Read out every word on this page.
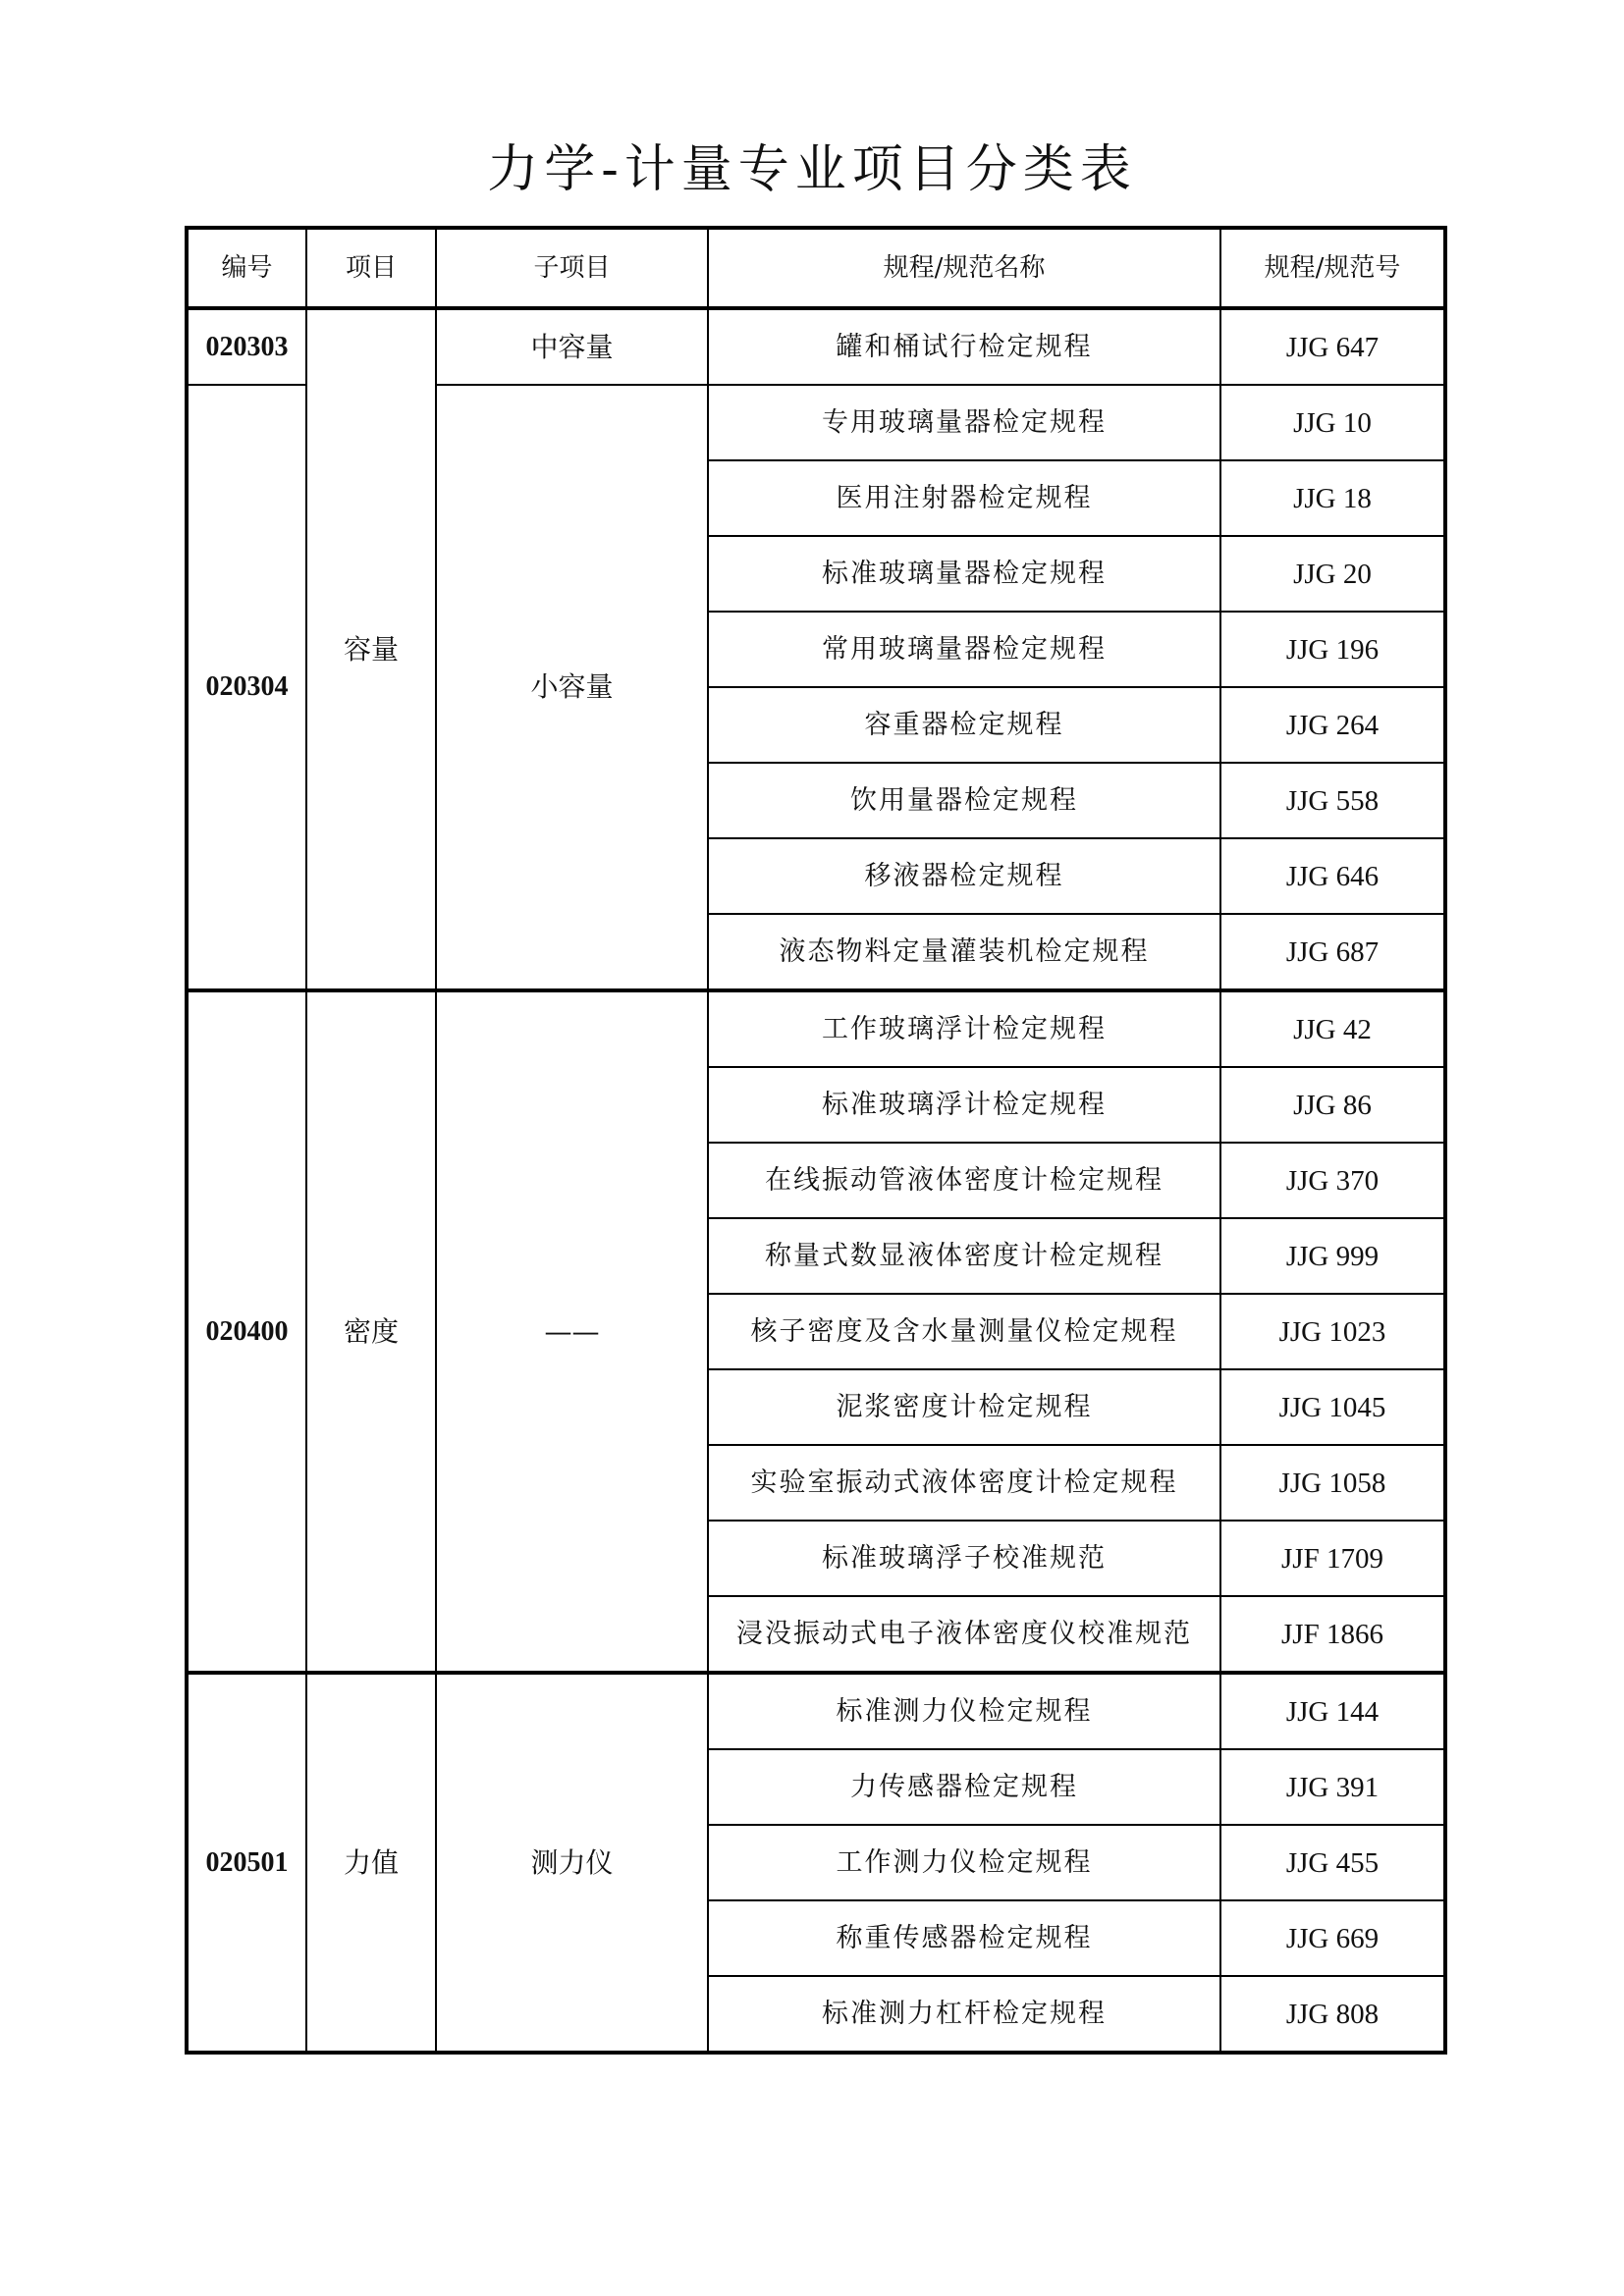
力学-计量专业项目分类表
编号	项目	子项目	规程/规范名称	规程/规范号
020303	容量	中容量	罐和桶试行检定规程	JJG 647
020304		小容量	专用玻璃量器检定规程	JJG 10
			医用注射器检定规程	JJG 18
			标准玻璃量器检定规程	JJG 20
			常用玻璃量器检定规程	JJG 196
			容重器检定规程	JJG 264
			饮用量器检定规程	JJG 558
			移液器检定规程	JJG 646
			液态物料定量灌装机检定规程	JJG 687
020400	密度	——	工作玻璃浮计检定规程	JJG 42
			标准玻璃浮计检定规程	JJG 86
			在线振动管液体密度计检定规程	JJG 370
			称量式数显液体密度计检定规程	JJG 999
			核子密度及含水量测量仪检定规程	JJG 1023
			泥浆密度计检定规程	JJG 1045
			实验室振动式液体密度计检定规程	JJG 1058
			标准玻璃浮子校准规范	JJF 1709
			浸没振动式电子液体密度仪校准规范	JJF 1866
020501	力值	测力仪	标准测力仪检定规程	JJG 144
			力传感器检定规程	JJG 391
			工作测力仪检定规程	JJG 455
			称重传感器检定规程	JJG 669
			标准测力杠杆检定规程	JJG 808
